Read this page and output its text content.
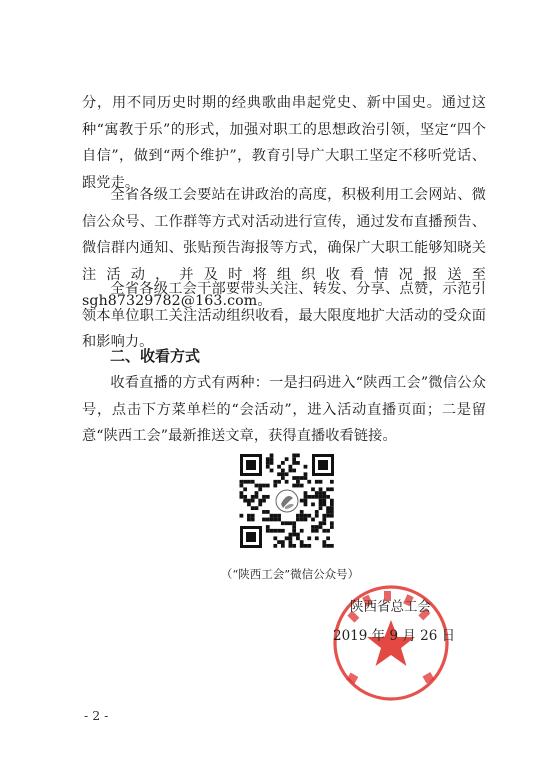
分，用不同历史时期的经典歌曲串起党史、新中国史。通过这种“寓教于乐”的形式，加强对职工的思想政治引领，坚定“四个自信”，做到“两个维护”，教育引导广大职工坚定不移听党话、跟党走。

全省各级工会要站在讲政治的高度，积极利用工会网站、微信公众号、工作群等方式对活动进行宣传，通过发布直播预告、微信群内通知、张贴预告海报等方式，确保广大职工能够知晓关注活动，并及时将组织收看情况报送至 sgh87329782@163.com。

全省各级工会干部要带头关注、转发、分享、点赞，示范引领本单位职工关注活动组织收看，最大限度地扩大活动的受众面和影响力。

二、收看方式

收看直播的方式有两种：一是扫码进入“陕西工会”微信公众号，点击下方菜单栏的“会活动”，进入活动直播页面；二是留意“陕西工会”最新推送文章，获得直播收看链接。

（“陕西工会”微信公众号）
陕西省总工会
2019 年 9 月 26 日
- 2 -
